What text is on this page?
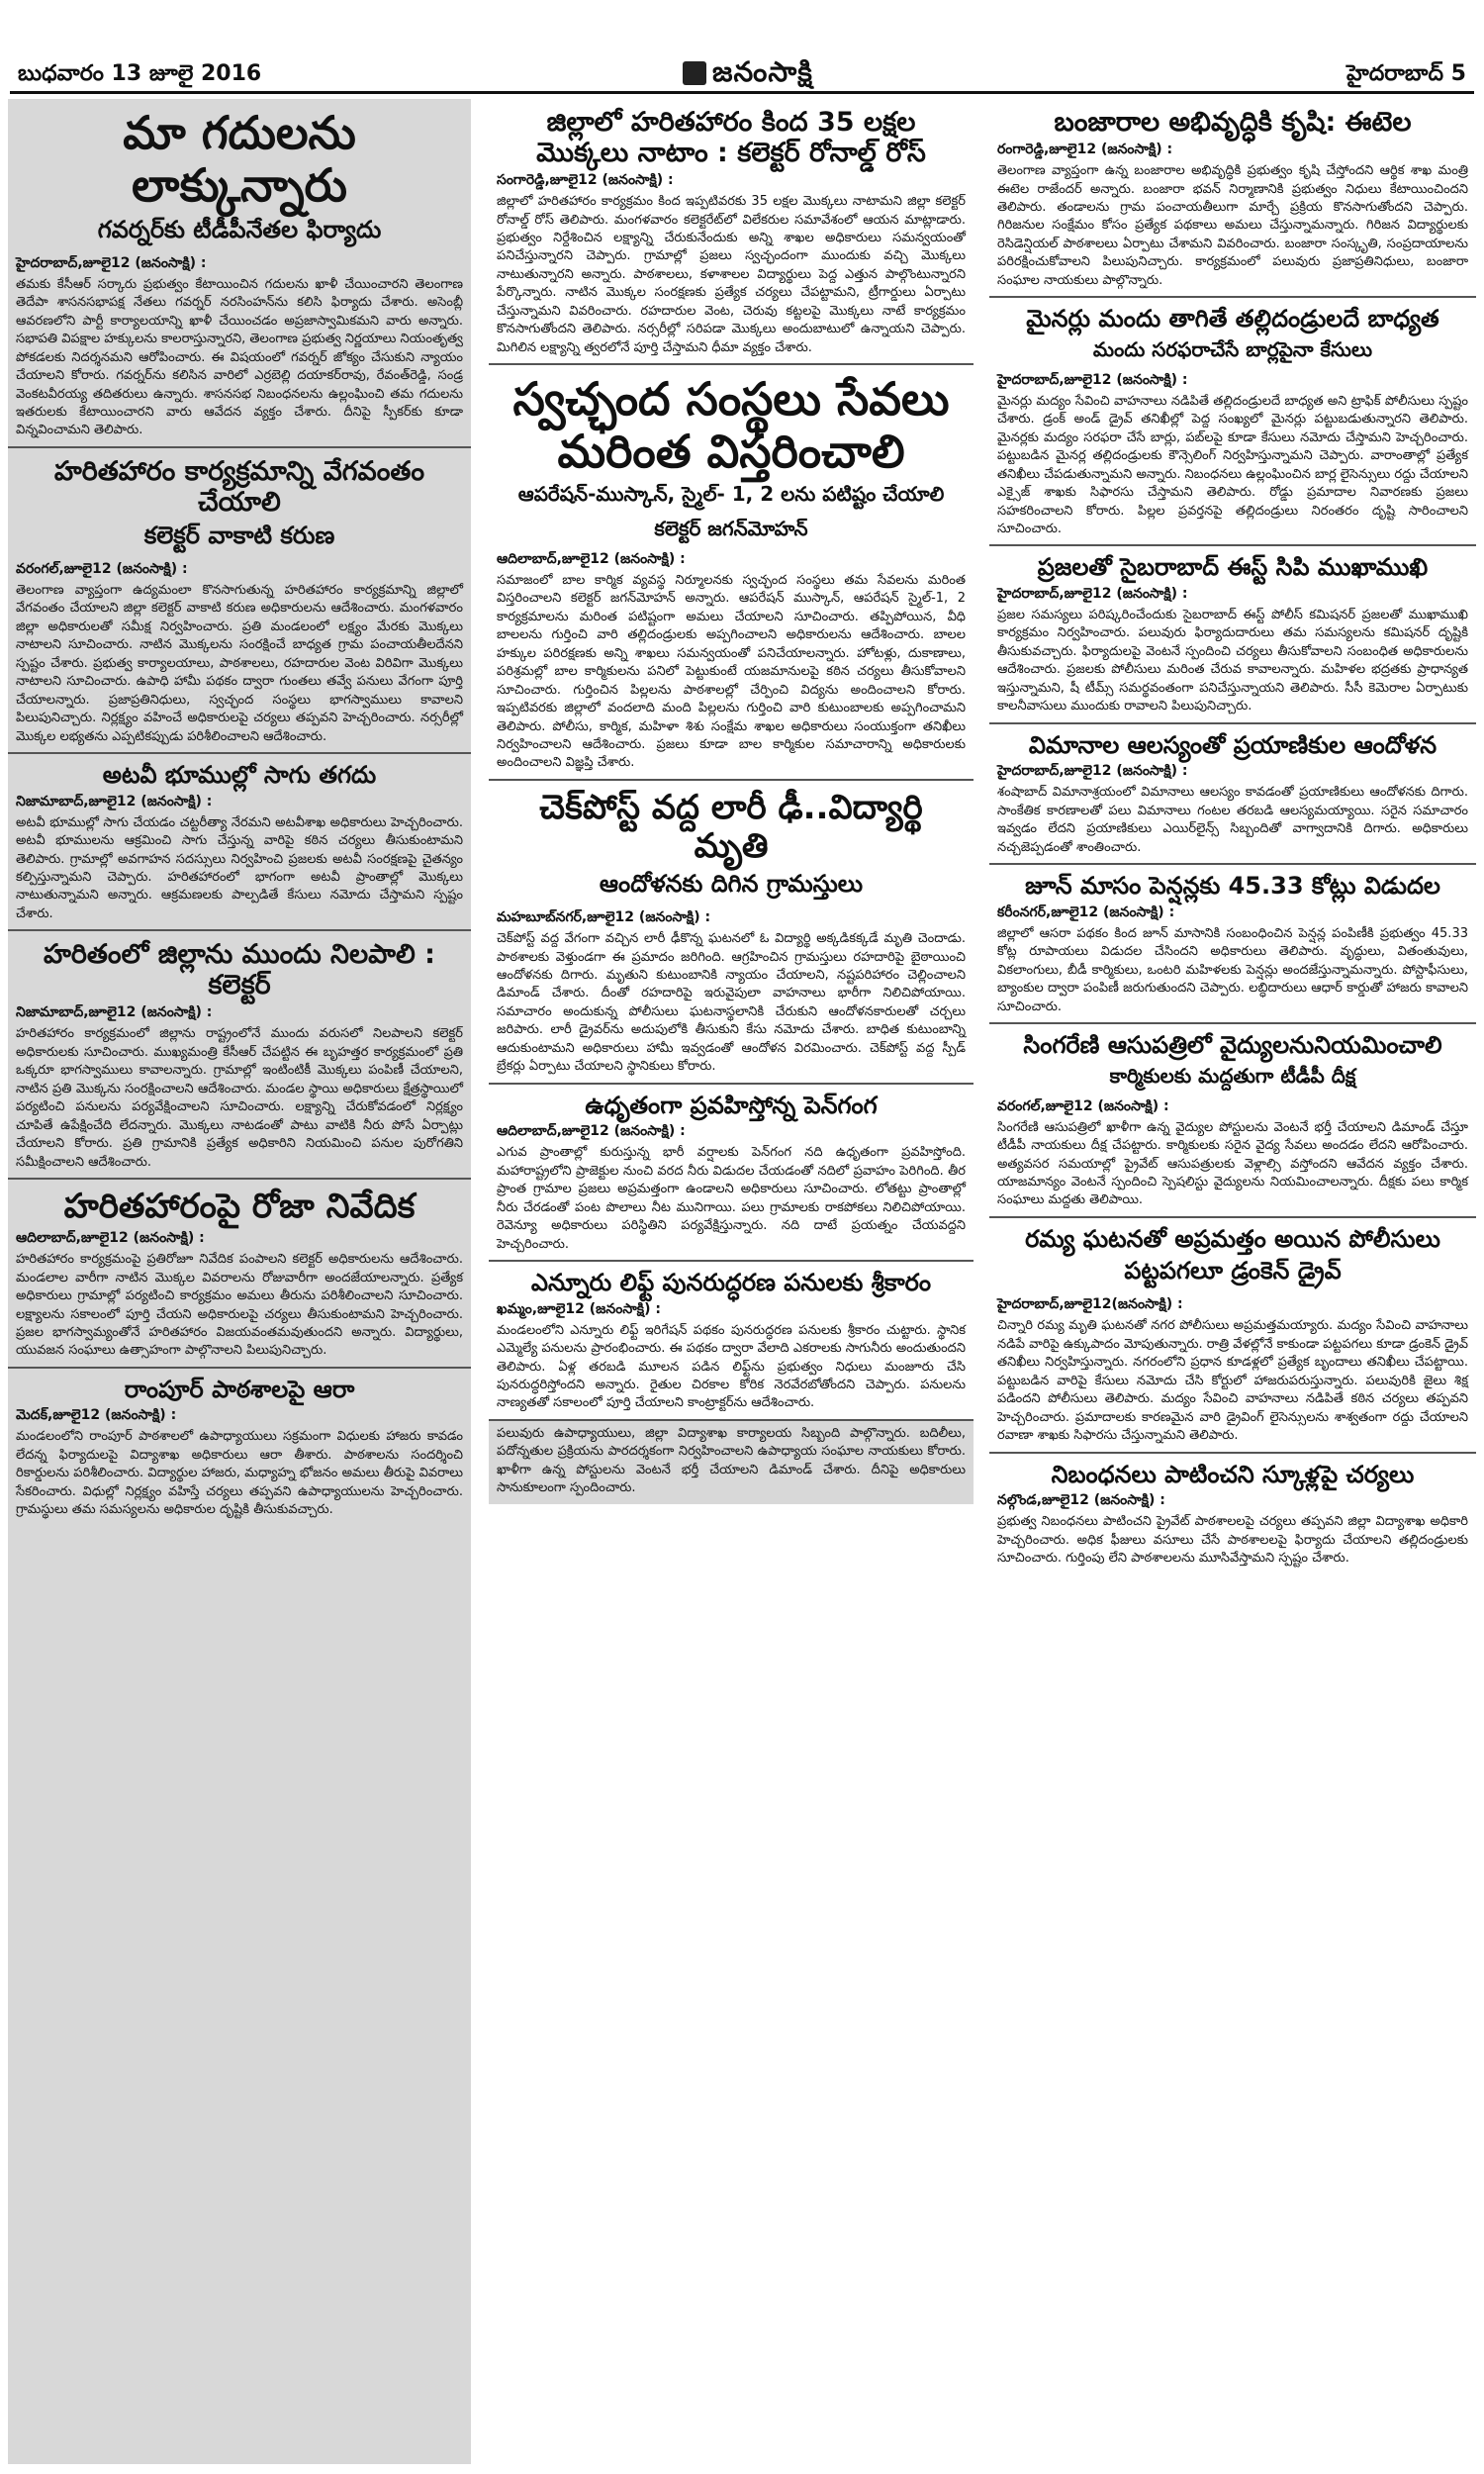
బుధవారం 13 జూలై 2016	జనంసాక్షి	హైదరాబాద్ 5
మా గదులను లాక్కున్నారు
గవర్నర్‌కు టీడీపీనేతల ఫిర్యాదు
హైదరాబాద్,జూలై12 (జనంసాక్షి) :

తమకు కేసీఆర్ సర్కారు ప్రభుత్వం కేటాయించిన గదులను ఖాళీ చేయించారని తెలంగాణ తెదేపా శాసనసభాపక్ష నేతలు గవర్నర్ నరసింహన్‌ను కలిసి ఫిర్యాదు చేశారు. అసెంబ్లీ ఆవరణలోని పార్టీ కార్యాలయాన్ని ఖాళీ చేయించడం అప్రజాస్వామికమని వారు అన్నారు. సభాపతి విపక్షాల హక్కులను కాలరాస్తున్నారని, తెలంగాణ ప్రభుత్వ నిర్ణయాలు నియంతృత్వ పోకడలకు నిదర్శనమని ఆరోపించారు. ఈ విషయంలో గవర్నర్ జోక్యం చేసుకుని న్యాయం చేయాలని కోరారు. గవర్నర్‌ను కలిసిన వారిలో ఎర్రబెల్లి దయాకర్‌రావు, రేవంత్‌రెడ్డి, సండ్ర వెంకటవీరయ్య తదితరులు ఉన్నారు. శాసనసభ నిబంధనలను ఉల్లంఘించి తమ గదులను ఇతరులకు కేటాయించారని వారు ఆవేదన వ్యక్తం చేశారు. దీనిపై స్పీకర్‌కు కూడా విన్నవించామని తెలిపారు.

హరితహారం కార్యక్రమాన్ని వేగవంతం చేయాలి
కలెక్టర్ వాకాటి కరుణ
వరంగల్,జూలై12 (జనంసాక్షి) :

తెలంగాణ వ్యాప్తంగా ఉద్యమంలా కొనసాగుతున్న హరితహారం కార్యక్రమాన్ని జిల్లాలో వేగవంతం చేయాలని జిల్లా కలెక్టర్ వాకాటి కరుణ అధికారులను ఆదేశించారు. మంగళవారం జిల్లా అధికారులతో సమీక్ష నిర్వహించారు. ప్రతి మండలంలో లక్ష్యం మేరకు మొక్కలు నాటాలని సూచించారు. నాటిన మొక్కలను సంరక్షించే బాధ్యత గ్రామ పంచాయతీలదేనని స్పష్టం చేశారు. ప్రభుత్వ కార్యాలయాలు, పాఠశాలలు, రహదారుల వెంట విరివిగా మొక్కలు నాటాలని సూచించారు. ఉపాధి హామీ పథకం ద్వారా గుంతలు తవ్వే పనులు వేగంగా పూర్తి చేయాలన్నారు. ప్రజాప్రతినిధులు, స్వచ్ఛంద సంస్థలు భాగస్వాములు కావాలని పిలుపునిచ్చారు. నిర్లక్ష్యం వహించే అధికారులపై చర్యలు తప్పవని హెచ్చరించారు. నర్సరీల్లో మొక్కల లభ్యతను ఎప్పటికప్పుడు పరిశీలించాలని ఆదేశించారు.

అటవీ భూముల్లో సాగు తగదు
నిజామాబాద్,జూలై12 (జనంసాక్షి) :

అటవీ భూముల్లో సాగు చేయడం చట్టరీత్యా నేరమని అటవీశాఖ అధికారులు హెచ్చరించారు. అటవీ భూములను ఆక్రమించి సాగు చేస్తున్న వారిపై కఠిన చర్యలు తీసుకుంటామని తెలిపారు. గ్రామాల్లో అవగాహన సదస్సులు నిర్వహించి ప్రజలకు అటవీ సంరక్షణపై చైతన్యం కల్పిస్తున్నామని చెప్పారు. హరితహారంలో భాగంగా అటవీ ప్రాంతాల్లో మొక్కలు నాటుతున్నామని అన్నారు. ఆక్రమణలకు పాల్పడితే కేసులు నమోదు చేస్తామని స్పష్టం చేశారు.

హరితంలో జిల్లాను ముందు నిలపాలి : కలెక్టర్
నిజామాబాద్,జూలై12 (జనంసాక్షి) :

హరితహారం కార్యక్రమంలో జిల్లాను రాష్ట్రంలోనే ముందు వరుసలో నిలపాలని కలెక్టర్ అధికారులకు సూచించారు. ముఖ్యమంత్రి కేసీఆర్ చేపట్టిన ఈ బృహత్తర కార్యక్రమంలో ప్రతి ఒక్కరూ భాగస్వాములు కావాలన్నారు. గ్రామాల్లో ఇంటింటికీ మొక్కలు పంపిణీ చేయాలని, నాటిన ప్రతి మొక్కను సంరక్షించాలని ఆదేశించారు. మండల స్థాయి అధికారులు క్షేత్రస్థాయిలో పర్యటించి పనులను పర్యవేక్షించాలని సూచించారు. లక్ష్యాన్ని చేరుకోవడంలో నిర్లక్ష్యం చూపితే ఉపేక్షించేది లేదన్నారు. మొక్కలు నాటడంతో పాటు వాటికి నీరు పోసే ఏర్పాట్లు చేయాలని కోరారు. ప్రతి గ్రామానికి ప్రత్యేక అధికారిని నియమించి పనుల పురోగతిని సమీక్షించాలని ఆదేశించారు.

హరితహారంపై రోజా నివేదిక
ఆదిలాబాద్,జూలై12 (జనంసాక్షి) :

హరితహారం కార్యక్రమంపై ప్రతిరోజూ నివేదిక పంపాలని కలెక్టర్ అధికారులను ఆదేశించారు. మండలాల వారీగా నాటిన మొక్కల వివరాలను రోజువారీగా అందజేయాలన్నారు. ప్రత్యేక అధికారులు గ్రామాల్లో పర్యటించి కార్యక్రమం అమలు తీరును పరిశీలించాలని సూచించారు. లక్ష్యాలను సకాలంలో పూర్తి చేయని అధికారులపై చర్యలు తీసుకుంటామని హెచ్చరించారు. ప్రజల భాగస్వామ్యంతోనే హరితహారం విజయవంతమవుతుందని అన్నారు. విద్యార్థులు, యువజన సంఘాలు ఉత్సాహంగా పాల్గొనాలని పిలుపునిచ్చారు.

రాంపూర్ పాఠశాలపై ఆరా
మెదక్,జూలై12 (జనంసాక్షి) :

మండలంలోని రాంపూర్ పాఠశాలలో ఉపాధ్యాయులు సక్రమంగా విధులకు హాజరు కావడం లేదన్న ఫిర్యాదులపై విద్యాశాఖ అధికారులు ఆరా తీశారు. పాఠశాలను సందర్శించి రికార్డులను పరిశీలించారు. విద్యార్థుల హాజరు, మధ్యాహ్న భోజనం అమలు తీరుపై వివరాలు సేకరించారు. విధుల్లో నిర్లక్ష్యం వహిస్తే చర్యలు తప్పవని ఉపాధ్యాయులను హెచ్చరించారు. గ్రామస్థులు తమ సమస్యలను అధికారుల దృష్టికి తీసుకువచ్చారు.

జిల్లాలో హరితహారం కింద 35 లక్షల మొక్కలు నాటాం : కలెక్టర్ రోనాల్డ్ రోస్
సంగారెడ్డి,జూలై12 (జనంసాక్షి) :

జిల్లాలో హరితహారం కార్యక్రమం కింద ఇప్పటివరకు 35 లక్షల మొక్కలు నాటామని జిల్లా కలెక్టర్ రోనాల్డ్ రోస్ తెలిపారు. మంగళవారం కలెక్టరేట్‌లో విలేకరుల సమావేశంలో ఆయన మాట్లాడారు. ప్రభుత్వం నిర్దేశించిన లక్ష్యాన్ని చేరుకునేందుకు అన్ని శాఖల అధికారులు సమన్వయంతో పనిచేస్తున్నారని చెప్పారు. గ్రామాల్లో ప్రజలు స్వచ్ఛందంగా ముందుకు వచ్చి మొక్కలు నాటుతున్నారని అన్నారు. పాఠశాలలు, కళాశాలల విద్యార్థులు పెద్ద ఎత్తున పాల్గొంటున్నారని పేర్కొన్నారు. నాటిన మొక్కల సంరక్షణకు ప్రత్యేక చర్యలు చేపట్టామని, ట్రీగార్డులు ఏర్పాటు చేస్తున్నామని వివరించారు. రహదారుల వెంట, చెరువు కట్టలపై మొక్కలు నాటే కార్యక్రమం కొనసాగుతోందని తెలిపారు. నర్సరీల్లో సరిపడా మొక్కలు అందుబాటులో ఉన్నాయని చెప్పారు. మిగిలిన లక్ష్యాన్ని త్వరలోనే పూర్తి చేస్తామని ధీమా వ్యక్తం చేశారు.

స్వచ్ఛంద సంస్థలు సేవలు మరింత విస్తరించాలి
ఆపరేషన్-ముస్కాన్, స్మైల్- 1, 2 లను పటిష్టం చేయాలి
కలెక్టర్ జగన్‌మోహన్
ఆదిలాబాద్,జూలై12 (జనంసాక్షి) :

సమాజంలో బాల కార్మిక వ్యవస్థ నిర్మూలనకు స్వచ్ఛంద సంస్థలు తమ సేవలను మరింత విస్తరించాలని కలెక్టర్ జగన్‌మోహన్ అన్నారు. ఆపరేషన్ ముస్కాన్, ఆపరేషన్ స్మైల్-1, 2 కార్యక్రమాలను మరింత పటిష్టంగా అమలు చేయాలని సూచించారు. తప్పిపోయిన, వీధి బాలలను గుర్తించి వారి తల్లిదండ్రులకు అప్పగించాలని అధికారులను ఆదేశించారు. బాలల హక్కుల పరిరక్షణకు అన్ని శాఖలు సమన్వయంతో పనిచేయాలన్నారు. హోటళ్లు, దుకాణాలు, పరిశ్రమల్లో బాల కార్మికులను పనిలో పెట్టుకుంటే యజమానులపై కఠిన చర్యలు తీసుకోవాలని సూచించారు. గుర్తించిన పిల్లలను పాఠశాలల్లో చేర్పించి విద్యను అందించాలని కోరారు. ఇప్పటివరకు జిల్లాలో వందలాది మంది పిల్లలను గుర్తించి వారి కుటుంబాలకు అప్పగించామని తెలిపారు. పోలీసు, కార్మిక, మహిళా శిశు సంక్షేమ శాఖల అధికారులు సంయుక్తంగా తనిఖీలు నిర్వహించాలని ఆదేశించారు. ప్రజలు కూడా బాల కార్మికుల సమాచారాన్ని అధికారులకు అందించాలని విజ్ఞప్తి చేశారు.

చెక్‌పోస్ట్ వద్ద లారీ ఢీ..విద్యార్థి మృతి
ఆందోళనకు దిగిన గ్రామస్తులు
మహబూబ్‌నగర్,జూలై12 (జనంసాక్షి) :

చెక్‌పోస్ట్ వద్ద వేగంగా వచ్చిన లారీ ఢీకొన్న ఘటనలో ఓ విద్యార్థి అక్కడికక్కడే మృతి చెందాడు. పాఠశాలకు వెళ్తుండగా ఈ ప్రమాదం జరిగింది. ఆగ్రహించిన గ్రామస్తులు రహదారిపై బైఠాయించి ఆందోళనకు దిగారు. మృతుని కుటుంబానికి న్యాయం చేయాలని, నష్టపరిహారం చెల్లించాలని డిమాండ్ చేశారు. దీంతో రహదారిపై ఇరువైపులా వాహనాలు భారీగా నిలిచిపోయాయి. సమాచారం అందుకున్న పోలీసులు ఘటనాస్థలానికి చేరుకుని ఆందోళనకారులతో చర్చలు జరిపారు. లారీ డ్రైవర్‌ను అదుపులోకి తీసుకుని కేసు నమోదు చేశారు. బాధిత కుటుంబాన్ని ఆదుకుంటామని అధికారులు హామీ ఇవ్వడంతో ఆందోళన విరమించారు. చెక్‌పోస్ట్ వద్ద స్పీడ్ బ్రేకర్లు ఏర్పాటు చేయాలని స్థానికులు కోరారు.

ఉధృతంగా ప్రవహిస్తోన్న పెన్‌గంగ
ఆదిలాబాద్,జూలై12 (జనంసాక్షి) :

ఎగువ ప్రాంతాల్లో కురుస్తున్న భారీ వర్షాలకు పెన్‌గంగ నది ఉధృతంగా ప్రవహిస్తోంది. మహారాష్ట్రలోని ప్రాజెక్టుల నుంచి వరద నీరు విడుదల చేయడంతో నదిలో ప్రవాహం పెరిగింది. తీర ప్రాంత గ్రామాల ప్రజలు అప్రమత్తంగా ఉండాలని అధికారులు సూచించారు. లోతట్టు ప్రాంతాల్లో నీరు చేరడంతో పంట పొలాలు నీట మునిగాయి. పలు గ్రామాలకు రాకపోకలు నిలిచిపోయాయి. రెవెన్యూ అధికారులు పరిస్థితిని పర్యవేక్షిస్తున్నారు. నది దాటే ప్రయత్నం చేయవద్దని హెచ్చరించారు.

ఎన్నూరు లిఫ్ట్ పునరుద్ధరణ పనులకు శ్రీకారం
ఖమ్మం,జూలై12 (జనంసాక్షి) :

మండలంలోని ఎన్నూరు లిఫ్ట్ ఇరిగేషన్ పథకం పునరుద్ధరణ పనులకు శ్రీకారం చుట్టారు. స్థానిక ఎమ్మెల్యే పనులను ప్రారంభించారు. ఈ పథకం ద్వారా వేలాది ఎకరాలకు సాగునీరు అందుతుందని తెలిపారు. ఏళ్ల తరబడి మూలన పడిన లిఫ్ట్‌ను ప్రభుత్వం నిధులు మంజూరు చేసి పునరుద్ధరిస్తోందని అన్నారు. రైతుల చిరకాల కోరిక నెరవేరబోతోందని చెప్పారు. పనులను నాణ్యతతో సకాలంలో పూర్తి చేయాలని కాంట్రాక్టర్‌ను ఆదేశించారు.

పలువురు ఉపాధ్యాయులు, జిల్లా విద్యాశాఖ కార్యాలయ సిబ్బంది పాల్గొన్నారు. బదిలీలు, పదోన్నతుల ప్రక్రియను పారదర్శకంగా నిర్వహించాలని ఉపాధ్యాయ సంఘాల నాయకులు కోరారు. ఖాళీగా ఉన్న పోస్టులను వెంటనే భర్తీ చేయాలని డిమాండ్ చేశారు. దీనిపై అధికారులు సానుకూలంగా స్పందించారు.

బంజారాల అభివృద్ధికి కృషి: ఈటెల
రంగారెడ్డి,జూలై12 (జనంసాక్షి) :

తెలంగాణ వ్యాప్తంగా ఉన్న బంజారాల అభివృద్ధికి ప్రభుత్వం కృషి చేస్తోందని ఆర్థిక శాఖ మంత్రి ఈటెల రాజేందర్ అన్నారు. బంజారా భవన్ నిర్మాణానికి ప్రభుత్వం నిధులు కేటాయించిందని తెలిపారు. తండాలను గ్రామ పంచాయతీలుగా మార్చే ప్రక్రియ కొనసాగుతోందని చెప్పారు. గిరిజనుల సంక్షేమం కోసం ప్రత్యేక పథకాలు అమలు చేస్తున్నామన్నారు. గిరిజన విద్యార్థులకు రెసిడెన్షియల్ పాఠశాలలు ఏర్పాటు చేశామని వివరించారు. బంజారా సంస్కృతి, సంప్రదాయాలను పరిరక్షించుకోవాలని పిలుపునిచ్చారు. కార్యక్రమంలో పలువురు ప్రజాప్రతినిధులు, బంజారా సంఘాల నాయకులు పాల్గొన్నారు.

మైనర్లు మందు తాగితే తల్లిదండ్రులదే బాధ్యత
మందు సరఫరాచేసే బార్లపైనా కేసులు
హైదరాబాద్,జూలై12 (జనంసాక్షి) :

మైనర్లు మద్యం సేవించి వాహనాలు నడిపితే తల్లిదండ్రులదే బాధ్యత అని ట్రాఫిక్ పోలీసులు స్పష్టం చేశారు. డ్రంక్ అండ్ డ్రైవ్ తనిఖీల్లో పెద్ద సంఖ్యలో మైనర్లు పట్టుబడుతున్నారని తెలిపారు. మైనర్లకు మద్యం సరఫరా చేసే బార్లు, పబ్‌లపై కూడా కేసులు నమోదు చేస్తామని హెచ్చరించారు. పట్టుబడిన మైనర్ల తల్లిదండ్రులకు కౌన్సెలింగ్ నిర్వహిస్తున్నామని చెప్పారు. వారాంతాల్లో ప్రత్యేక తనిఖీలు చేపడుతున్నామని అన్నారు. నిబంధనలు ఉల్లంఘించిన బార్ల లైసెన్సులు రద్దు చేయాలని ఎక్సైజ్ శాఖకు సిఫారసు చేస్తామని తెలిపారు. రోడ్డు ప్రమాదాల నివారణకు ప్రజలు సహకరించాలని కోరారు. పిల్లల ప్రవర్తనపై తల్లిదండ్రులు నిరంతరం దృష్టి సారించాలని సూచించారు.

ప్రజలతో సైబరాబాద్ ఈస్ట్ సిపి ముఖాముఖి
హైదరాబాద్,జూలై12 (జనంసాక్షి) :

ప్రజల సమస్యలు పరిష్కరించేందుకు సైబరాబాద్ ఈస్ట్ పోలీస్ కమిషనర్ ప్రజలతో ముఖాముఖి కార్యక్రమం నిర్వహించారు. పలువురు ఫిర్యాదుదారులు తమ సమస్యలను కమిషనర్ దృష్టికి తీసుకువచ్చారు. ఫిర్యాదులపై వెంటనే స్పందించి చర్యలు తీసుకోవాలని సంబంధిత అధికారులను ఆదేశించారు. ప్రజలకు పోలీసులు మరింత చేరువ కావాలన్నారు. మహిళల భద్రతకు ప్రాధాన్యత ఇస్తున్నామని, షీ టీమ్స్ సమర్థవంతంగా పనిచేస్తున్నాయని తెలిపారు. సీసీ కెమెరాల ఏర్పాటుకు కాలనీవాసులు ముందుకు రావాలని పిలుపునిచ్చారు.

విమానాల ఆలస్యంతో ప్రయాణికుల ఆందోళన
హైదరాబాద్,జూలై12 (జనంసాక్షి) :

శంషాబాద్ విమానాశ్రయంలో విమానాలు ఆలస్యం కావడంతో ప్రయాణికులు ఆందోళనకు దిగారు. సాంకేతిక కారణాలతో పలు విమానాలు గంటల తరబడి ఆలస్యమయ్యాయి. సరైన సమాచారం ఇవ్వడం లేదని ప్రయాణికులు ఎయిర్‌లైన్స్ సిబ్బందితో వాగ్వాదానికి దిగారు. అధికారులు నచ్చజెప్పడంతో శాంతించారు.

జూన్ మాసం పెన్షన్లకు 45.33 కోట్లు విడుదల
కరీంనగర్,జూలై12 (జనంసాక్షి) :

జిల్లాలో ఆసరా పథకం కింద జూన్ మాసానికి సంబంధించిన పెన్షన్ల పంపిణీకి ప్రభుత్వం 45.33 కోట్ల రూపాయలు విడుదల చేసిందని అధికారులు తెలిపారు. వృద్ధులు, వితంతువులు, వికలాంగులు, బీడీ కార్మికులు, ఒంటరి మహిళలకు పెన్షన్లు అందజేస్తున్నామన్నారు. పోస్టాఫీసులు, బ్యాంకుల ద్వారా పంపిణీ జరుగుతుందని చెప్పారు. లబ్ధిదారులు ఆధార్ కార్డుతో హాజరు కావాలని సూచించారు.

సింగరేణి ఆసుపత్రిలో వైద్యులనునియమించాలి
కార్మికులకు మద్దతుగా టీడీపీ దీక్ష
వరంగల్,జూలై12 (జనంసాక్షి) :

సింగరేణి ఆసుపత్రిలో ఖాళీగా ఉన్న వైద్యుల పోస్టులను వెంటనే భర్తీ చేయాలని డిమాండ్ చేస్తూ టీడీపీ నాయకులు దీక్ష చేపట్టారు. కార్మికులకు సరైన వైద్య సేవలు అందడం లేదని ఆరోపించారు. అత్యవసర సమయాల్లో ప్రైవేట్ ఆసుపత్రులకు వెళ్లాల్సి వస్తోందని ఆవేదన వ్యక్తం చేశారు. యాజమాన్యం వెంటనే స్పందించి స్పెషలిస్టు వైద్యులను నియమించాలన్నారు. దీక్షకు పలు కార్మిక సంఘాలు మద్దతు తెలిపాయి.

రమ్య ఘటనతో అప్రమత్తం అయిన పోలీసులు
పట్టపగలూ డ్రంకెన్ డ్రైవ్
హైదరాబాద్,జూలై12(జనంసాక్షి) :

చిన్నారి రమ్య మృతి ఘటనతో నగర పోలీసులు అప్రమత్తమయ్యారు. మద్యం సేవించి వాహనాలు నడిపే వారిపై ఉక్కుపాదం మోపుతున్నారు. రాత్రి వేళల్లోనే కాకుండా పట్టపగలు కూడా డ్రంకెన్ డ్రైవ్ తనిఖీలు నిర్వహిస్తున్నారు. నగరంలోని ప్రధాన కూడళ్లలో ప్రత్యేక బృందాలు తనిఖీలు చేపట్టాయి. పట్టుబడిన వారిపై కేసులు నమోదు చేసి కోర్టులో హాజరుపరుస్తున్నారు. పలువురికి జైలు శిక్ష పడిందని పోలీసులు తెలిపారు. మద్యం సేవించి వాహనాలు నడిపితే కఠిన చర్యలు తప్పవని హెచ్చరించారు. ప్రమాదాలకు కారణమైన వారి డ్రైవింగ్ లైసెన్సులను శాశ్వతంగా రద్దు చేయాలని రవాణా శాఖకు సిఫారసు చేస్తున్నామని తెలిపారు.

నిబంధనలు పాటించని స్కూళ్లపై చర్యలు
నల్గొండ,జూలై12 (జనంసాక్షి) :

ప్రభుత్వ నిబంధనలు పాటించని ప్రైవేట్ పాఠశాలలపై చర్యలు తప్పవని జిల్లా విద్యాశాఖ అధికారి హెచ్చరించారు. అధిక ఫీజులు వసూలు చేసే పాఠశాలలపై ఫిర్యాదు చేయాలని తల్లిదండ్రులకు సూచించారు. గుర్తింపు లేని పాఠశాలలను మూసివేస్తామని స్పష్టం చేశారు.
